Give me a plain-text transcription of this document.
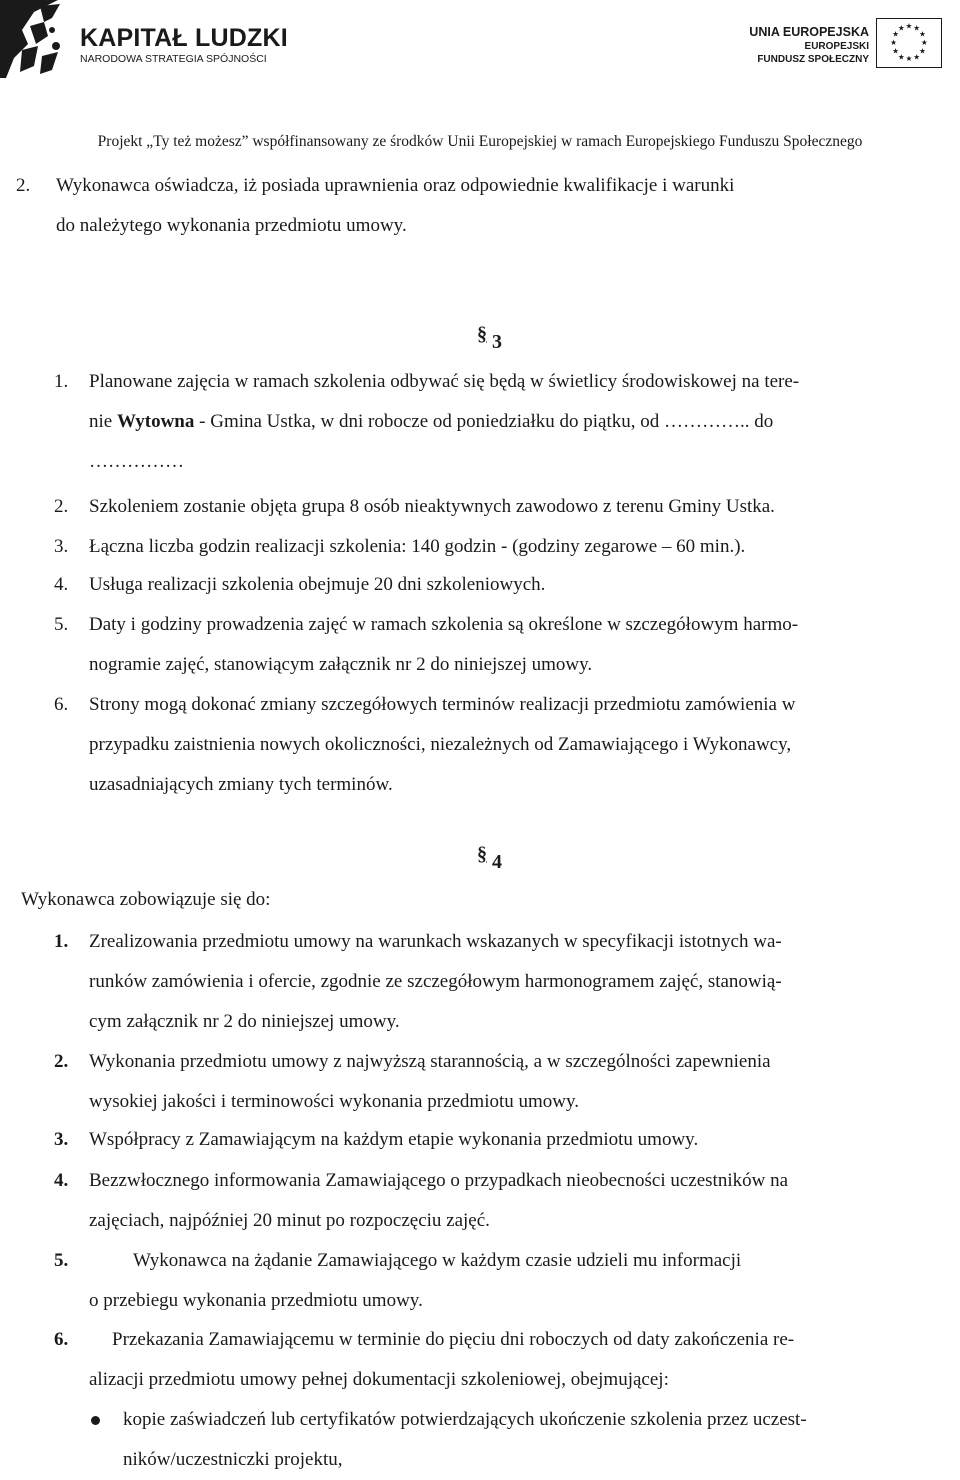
KAPITAŁ LUDZKI
NARODOWA STRATEGIA SPÓJNOŚCI
UNIA EUROPEJSKA
EUROPEJSKI
FUNDUSZ SPOŁECZNY
★ ★
★
★
★
★
★
★
★
★
★
★
Projekt „Ty też możesz” współfinansowany ze środków Unii Europejskiej w ramach Europejskiego Funduszu Społecznego
2. Wykonawca oświadcza, iż posiada uprawnienia oraz odpowiednie kwalifikacje i warunki
do należytego wykonania przedmiotu umowy.
§ 3
1. Planowane zajęcia w ramach szkolenia odbywać się będą w świetlicy środowiskowej na tere-
nie Wytowna - Gmina Ustka, w dni robocze od poniedziałku do piątku, od ………….. do
……………
2. Szkoleniem zostanie objęta grupa 8 osób nieaktywnych zawodowo z terenu Gminy Ustka.
3. Łączna liczba godzin realizacji szkolenia: 140 godzin - (godziny zegarowe – 60 min.).
4. Usługa realizacji szkolenia obejmuje 20 dni szkoleniowych.
5. Daty i godziny prowadzenia zajęć w ramach szkolenia są określone w szczegółowym harmo-
nogramie zajęć, stanowiącym załącznik nr 2 do niniejszej umowy.
6. Strony mogą dokonać zmiany szczegółowych terminów realizacji przedmiotu zamówienia w
przypadku zaistnienia nowych okoliczności, niezależnych od Zamawiającego i Wykonawcy,
uzasadniających zmiany tych terminów.
§ 4
Wykonawca zobowiązuje się do:
1. Zrealizowania przedmiotu umowy na warunkach wskazanych w specyfikacji istotnych wa-
runków zamówienia i ofercie, zgodnie ze szczegółowym harmonogramem zajęć, stanowią-
cym załącznik nr 2 do niniejszej umowy.
2. Wykonania przedmiotu umowy z najwyższą starannością, a w szczególności zapewnienia
wysokiej jakości i terminowości wykonania przedmiotu umowy.
3. Współpracy z Zamawiającym na każdym etapie wykonania przedmiotu umowy.
4. Bezzwłocznego informowania Zamawiającego o przypadkach nieobecności uczestników na
zajęciach, najpóźniej 20 minut po rozpoczęciu zajęć.
5.	Wykonawca na żądanie Zamawiającego w każdym czasie udzieli mu informacji
o przebiegu wykonania przedmiotu umowy.
6.	Przekazania Zamawiającemu w terminie do pięciu dni roboczych od daty zakończenia re-
alizacji przedmiotu umowy pełnej dokumentacji szkoleniowej, obejmującej:
kopie zaświadczeń lub certyfikatów potwierdzających ukończenie szkolenia przez uczest-
ników/uczestniczki projektu,
